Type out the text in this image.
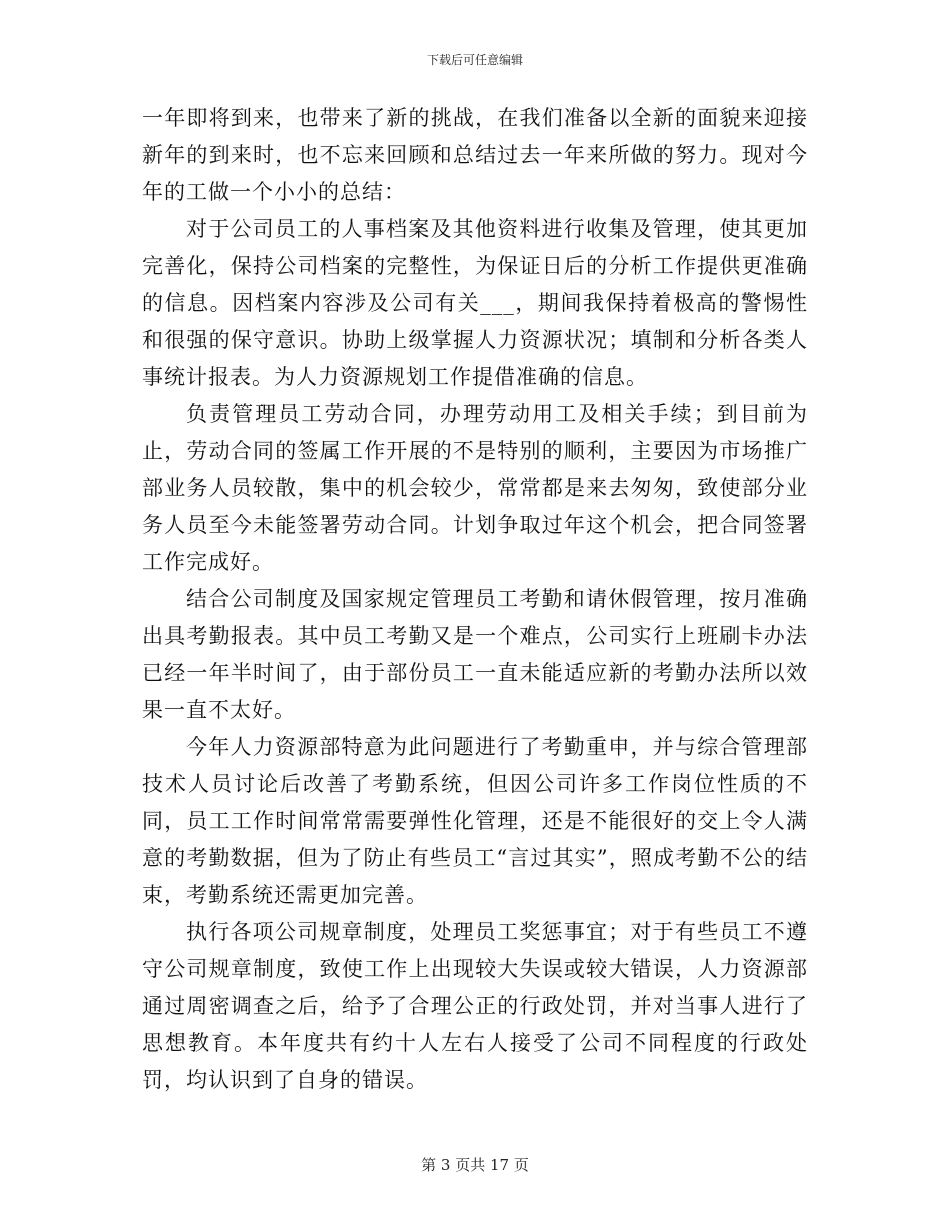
下载后可任意编辑

一年即将到来，也带来了新的挑战，在我们准备以全新的面貌来迎接新年的到来时，也不忘来回顾和总结过去一年来所做的努力。现对今年的工做一个小小的总结：

对于公司员工的人事档案及其他资料进行收集及管理，使其更加完善化，保持公司档案的完整性，为保证日后的分析工作提供更准确的信息。因档案内容涉及公司有关___，期间我保持着极高的警惕性和很强的保守意识。协助上级掌握人力资源状况；填制和分析各类人事统计报表。为人力资源规划工作提借准确的信息。

负责管理员工劳动合同，办理劳动用工及相关手续；到目前为止，劳动合同的签属工作开展的不是特别的顺利，主要因为市场推广部业务人员较散，集中的机会较少，常常都是来去匆匆，致使部分业务人员至今未能签署劳动合同。计划争取过年这个机会，把合同签署工作完成好。

结合公司制度及国家规定管理员工考勤和请休假管理，按月准确出具考勤报表。其中员工考勤又是一个难点，公司实行上班刷卡办法已经一年半时间了，由于部份员工一直未能适应新的考勤办法所以效果一直不太好。

今年人力资源部特意为此问题进行了考勤重申，并与综合管理部技术人员讨论后改善了考勤系统，但因公司许多工作岗位性质的不同，员工工作时间常常需要弹性化管理，还是不能很好的交上令人满意的考勤数据，但为了防止有些员工“言过其实”，照成考勤不公的结束，考勤系统还需更加完善。

执行各项公司规章制度，处理员工奖惩事宜；对于有些员工不遵守公司规章制度，致使工作上出现较大失误或较大错误，人力资源部通过周密调查之后，给予了合理公正的行政处罚，并对当事人进行了思想教育。本年度共有约十人左右人接受了公司不同程度的行政处罚，均认识到了自身的错误。

第 3 页共 17 页
